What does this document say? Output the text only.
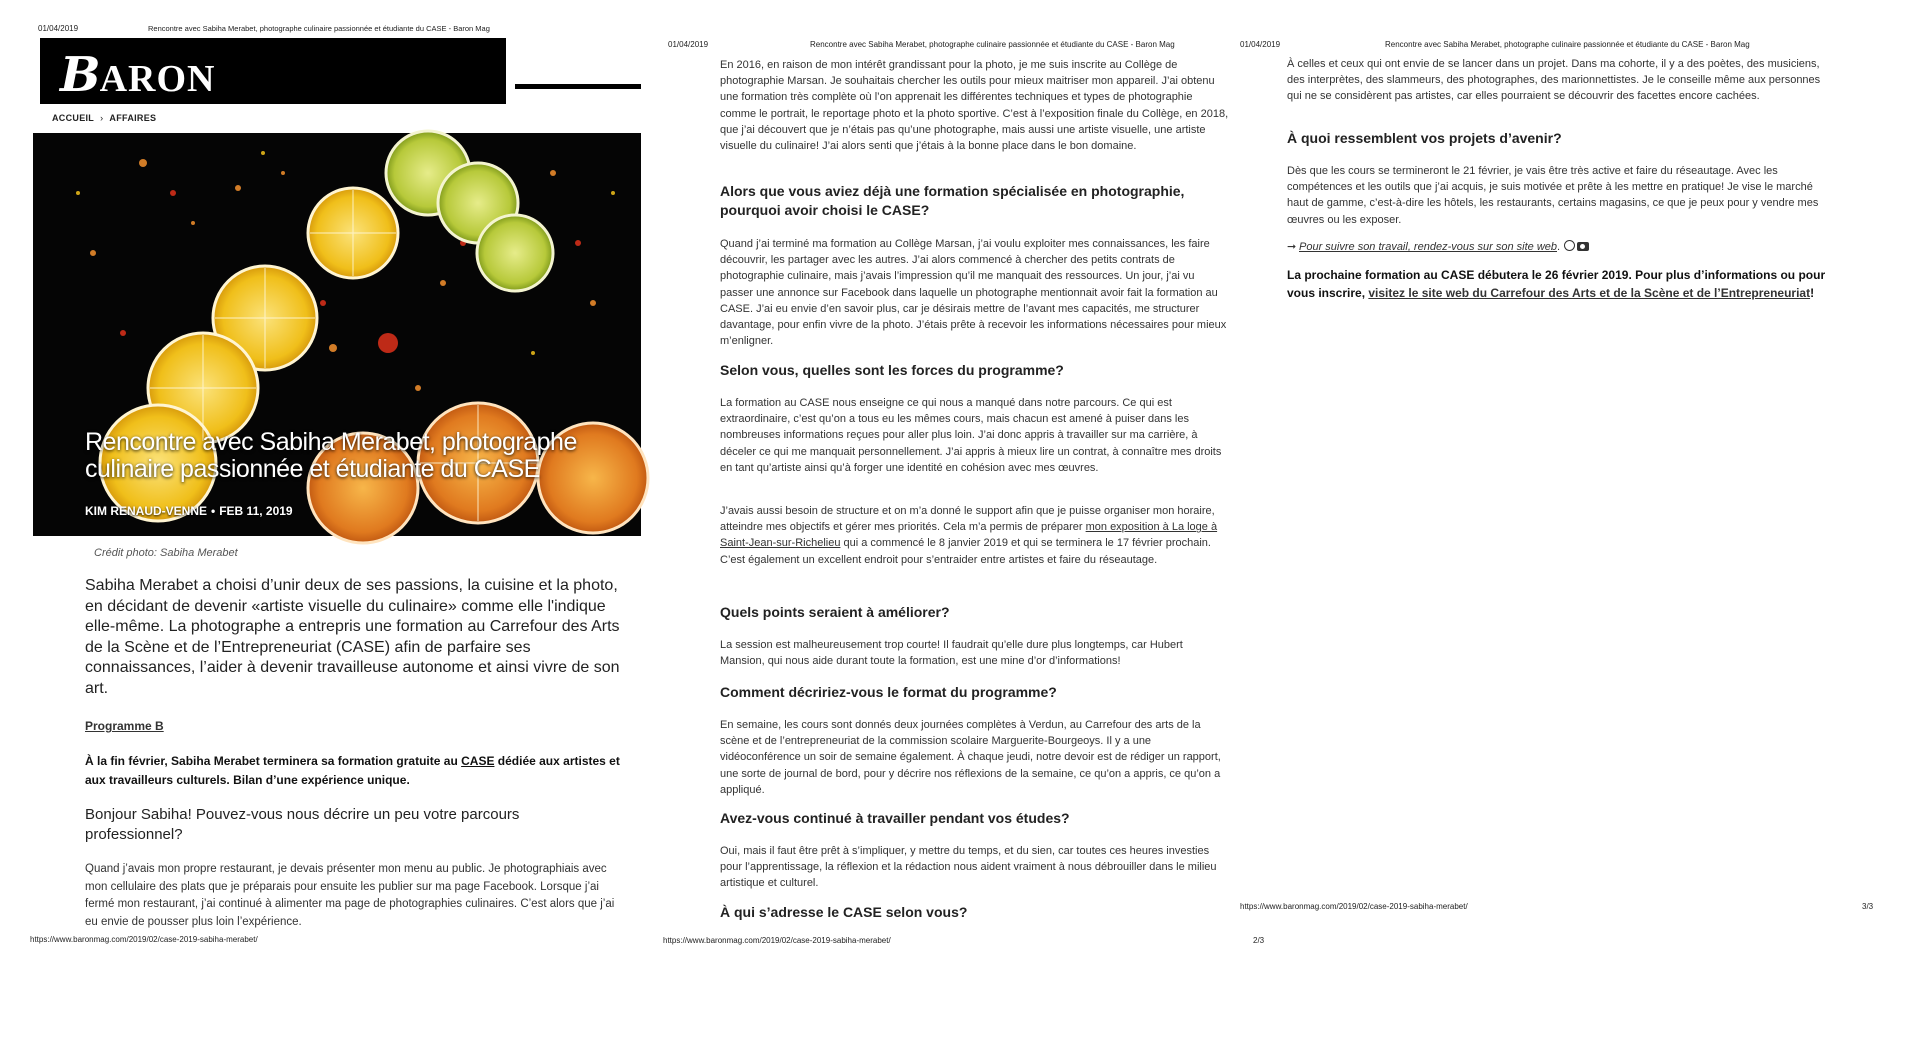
01/04/2019	Rencontre avec Sabiha Merabet, photographe culinaire passionnée et étudiante du CASE - Baron Mag
BARON
ACCUEIL › AFFAIRES
Rencontre avec Sabiha Merabet, photographe culinaire passionnée et étudiante du CASE
KIM RENAUD-VENNE • FEB 11, 2019
Crédit photo: Sabiha Merabet
Sabiha Merabet a choisi d’unir deux de ses passions, la cuisine et la photo, en décidant de devenir «artiste visuelle du culinaire» comme elle l'indique elle-même. La photographe a entrepris une formation au Carrefour des Arts de la Scène et de l’Entrepreneuriat (CASE) afin de parfaire ses connaissances, l’aider à devenir travailleuse autonome et ainsi vivre de son art.
Programme B
À la fin février, Sabiha Merabet terminera sa formation gratuite au CASE dédiée aux artistes et aux travailleurs culturels. Bilan d’une expérience unique.
Bonjour Sabiha! Pouvez-vous nous décrire un peu votre parcours professionnel?
Quand j’avais mon propre restaurant, je devais présenter mon menu au public. Je photographiais avec mon cellulaire des plats que je préparais pour ensuite les publier sur ma page Facebook. Lorsque j’ai fermé mon restaurant, j’ai continué à alimenter ma page de photographies culinaires. C’est alors que j’ai eu envie de pousser plus loin l’expérience.
https://www.baronmag.com/2019/02/case-2019-sabiha-merabet/
01/04/2019	Rencontre avec Sabiha Merabet, photographe culinaire passionnée et étudiante du CASE - Baron Mag
En 2016, en raison de mon intérêt grandissant pour la photo, je me suis inscrite au Collège de photographie Marsan. Je souhaitais chercher les outils pour mieux maitriser mon appareil. J’ai obtenu une formation très complète où l’on apprenait les différentes techniques et types de photographie comme le portrait, le reportage photo et la photo sportive. C’est à l’exposition finale du Collège, en 2018, que j’ai découvert que je n’étais pas qu’une photographe, mais aussi une artiste visuelle, une artiste visuelle du culinaire! J’ai alors senti que j’étais à la bonne place dans le bon domaine.
Alors que vous aviez déjà une formation spécialisée en photographie, pourquoi avoir choisi le CASE?
Quand j’ai terminé ma formation au Collège Marsan, j’ai voulu exploiter mes connaissances, les faire découvrir, les partager avec les autres. J’ai alors commencé à chercher des petits contrats de photographie culinaire, mais j’avais l’impression qu’il me manquait des ressources. Un jour, j’ai vu passer une annonce sur Facebook dans laquelle un photographe mentionnait avoir fait la formation au CASE. J’ai eu envie d’en savoir plus, car je désirais mettre de l’avant mes capacités, me structurer davantage, pour enfin vivre de la photo. J’étais prête à recevoir les informations nécessaires pour mieux m’enligner.
Selon vous, quelles sont les forces du programme?
La formation au CASE nous enseigne ce qui nous a manqué dans notre parcours. Ce qui est extraordinaire, c’est qu’on a tous eu les mêmes cours, mais chacun est amené à puiser dans les nombreuses informations reçues pour aller plus loin. J’ai donc appris à travailler sur ma carrière, à déceler ce qui me manquait personnellement. J’ai appris à mieux lire un contrat, à connaître mes droits en tant qu’artiste ainsi qu’à forger une identité en cohésion avec mes œuvres.
J’avais aussi besoin de structure et on m’a donné le support afin que je puisse organiser mon horaire, atteindre mes objectifs et gérer mes priorités. Cela m’a permis de préparer mon exposition à La loge à Saint-Jean-sur-Richelieu qui a commencé le 8 janvier 2019 et qui se terminera le 17 février prochain. C’est également un excellent endroit pour s’entraider entre artistes et faire du réseautage.
Quels points seraient à améliorer?
La session est malheureusement trop courte! Il faudrait qu’elle dure plus longtemps, car Hubert Mansion, qui nous aide durant toute la formation, est une mine d’or d’informations!
Comment décririez-vous le format du programme?
En semaine, les cours sont donnés deux journées complètes à Verdun, au Carrefour des arts de la scène et de l’entrepreneuriat de la commission scolaire Marguerite-Bourgeoys. Il y a une vidéoconférence un soir de semaine également. À chaque jeudi, notre devoir est de rédiger un rapport, une sorte de journal de bord, pour y décrire nos réflexions de la semaine, ce qu’on a appris, ce qu’on a appliqué.
Avez-vous continué à travailler pendant vos études?
Oui, mais il faut être prêt à s’impliquer, y mettre du temps, et du sien, car toutes ces heures investies pour l’apprentissage, la réflexion et la rédaction nous aident vraiment à nous débrouiller dans le milieu artistique et culturel.
À qui s’adresse le CASE selon vous?
https://www.baronmag.com/2019/02/case-2019-sabiha-merabet/	2/3
01/04/2019	Rencontre avec Sabiha Merabet, photographe culinaire passionnée et étudiante du CASE - Baron Mag
À celles et ceux qui ont envie de se lancer dans un projet. Dans ma cohorte, il y a des poètes, des musiciens, des interprètes, des slammeurs, des photographes, des marionnettistes. Je le conseille même aux personnes qui ne se considèrent pas artistes, car elles pourraient se découvrir des facettes encore cachées.
À quoi ressemblent vos projets d’avenir?
Dès que les cours se termineront le 21 février, je vais être très active et faire du réseautage. Avec les compétences et les outils que j’ai acquis, je suis motivée et prête à les mettre en pratique! Je vise le marché haut de gamme, c’est-à-dire les hôtels, les restaurants, certains magasins, ce que je peux pour y vendre mes œuvres ou les exposer.
➞ Pour suivre son travail, rendez-vous sur son site web.
La prochaine formation au CASE débutera le 26 février 2019. Pour plus d’informations ou pour vous inscrire, visitez le site web du Carrefour des Arts et de la Scène et de l’Entrepreneuriat!
https://www.baronmag.com/2019/02/case-2019-sabiha-merabet/	3/3
